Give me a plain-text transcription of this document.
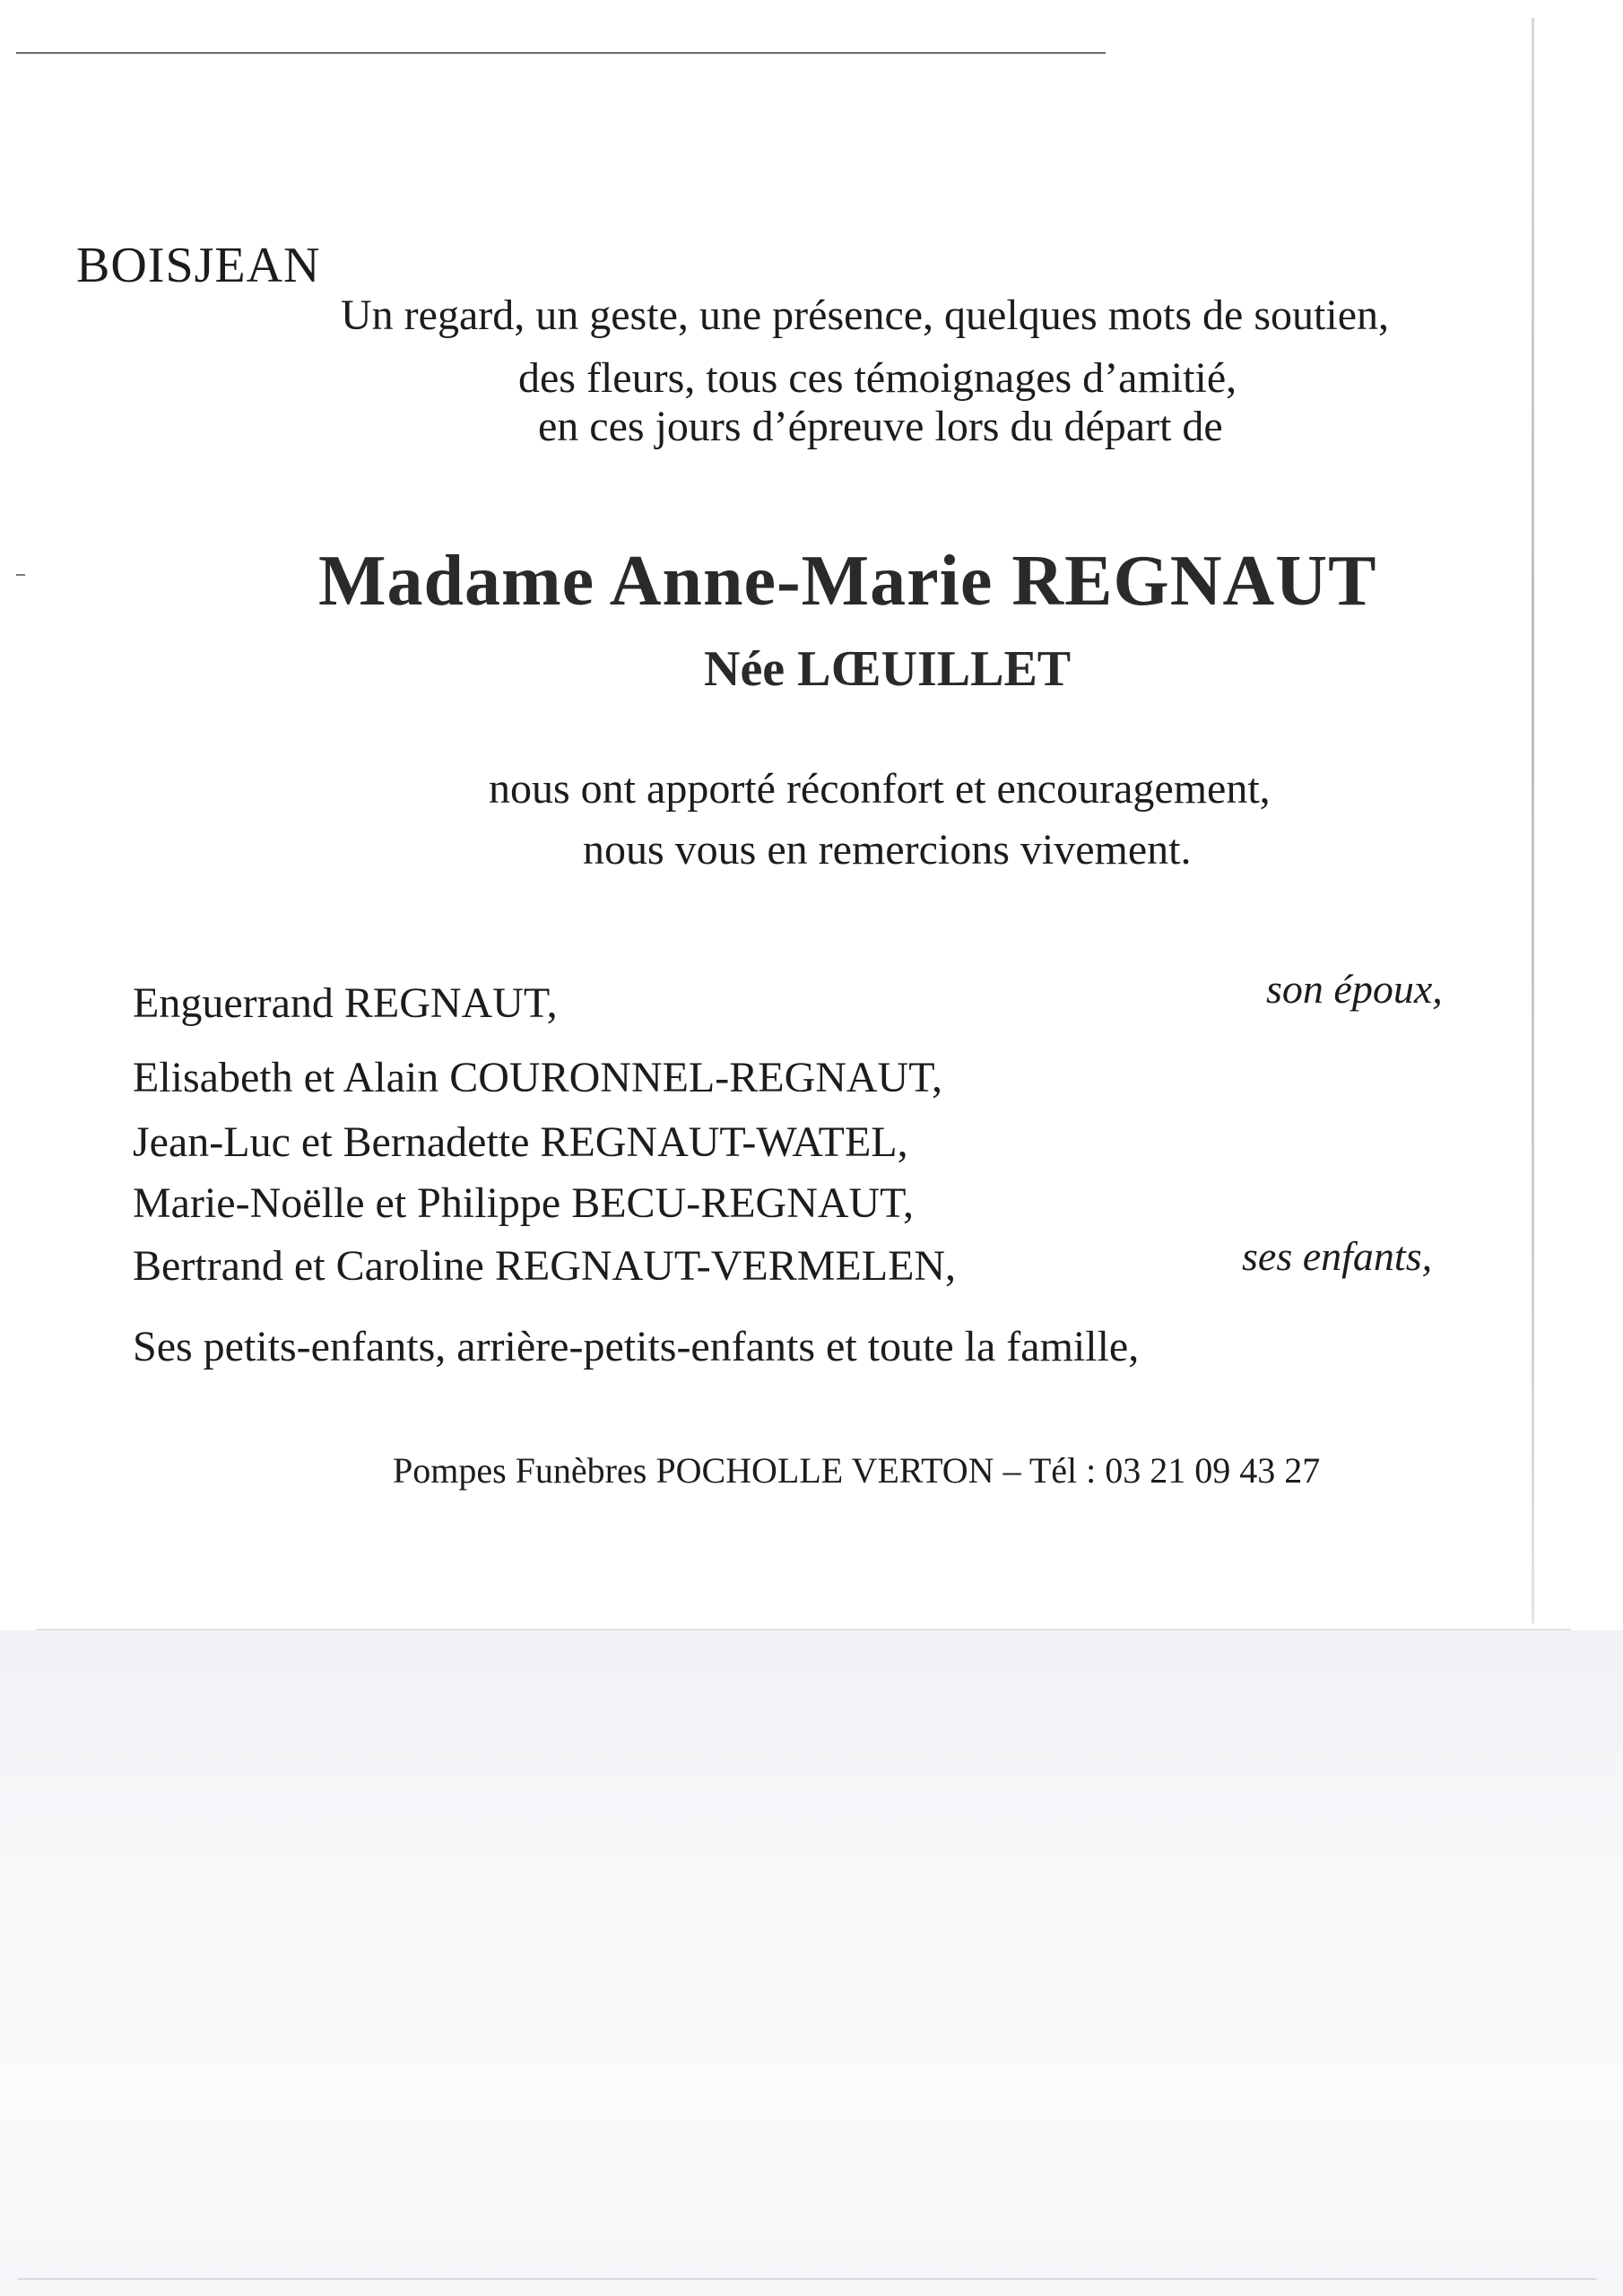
BOISJEAN

Un regard, un geste, une présence, quelques mots de soutien,

des fleurs, tous ces témoignages d’amitié,

en ces jours d’épreuve lors du départ de

Madame Anne-Marie REGNAUT

Née LŒUILLET

nous ont apporté réconfort et encouragement,

nous vous en remercions vivement.

Enguerrand REGNAUT,	son époux,

Elisabeth et Alain COURONNEL-REGNAUT,

Jean-Luc et Bernadette REGNAUT-WATEL,

Marie-Noëlle et Philippe BECU-REGNAUT,

Bertrand et Caroline REGNAUT-VERMELEN,	ses enfants,

Ses petits-enfants, arrière-petits-enfants et toute la famille,

Pompes Funèbres POCHOLLE VERTON – Tél : 03 21 09 43 27
